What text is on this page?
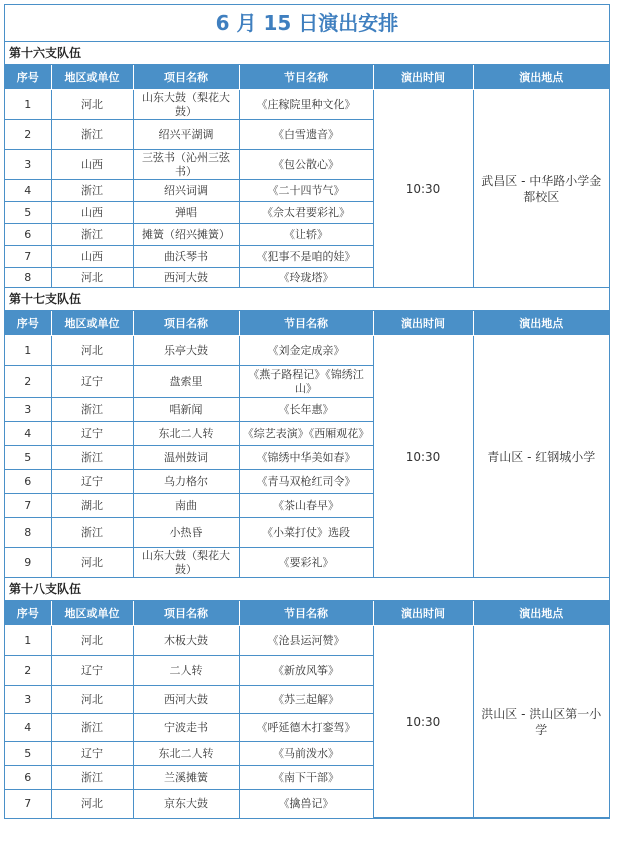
6 月 15 日演出安排
第十六支队伍
序号	地区或单位	项目名称	节目名称	演出时间	演出地点
1	河北	山东大鼓（梨花大鼓）	《庄稼院里种文化》	10:30	武昌区 - 中华路小学金都校区
2	浙江	绍兴平湖调	《白雪遗音》		
3	山西	三弦书（沁州三弦书）	《包公散心》		
4	浙江	绍兴词调	《二十四节气》		
5	山西	弹唱	《佘太君要彩礼》		
6	浙江	摊簧（绍兴摊簧）	《让轿》		
7	山西	曲沃琴书	《犯事不是咱的娃》		
8	河北	西河大鼓	《玲珑塔》		
第十七支队伍
序号	地区或单位	项目名称	节目名称	演出时间	演出地点
1	河北	乐亭大鼓	《刘金定成亲》	10:30	青山区 - 红钢城小学
2	辽宁	盘索里	《燕子路程记》《锦绣江山》		
3	浙江	唱新闻	《长年惠》		
4	辽宁	东北二人转	《综艺表演》《西厢观花》		
5	浙江	温州鼓词	《锦绣中华美如春》		
6	辽宁	乌力格尔	《青马双枪红司令》		
7	湖北	南曲	《茶山春早》		
8	浙江	小热昏	《小菜打仗》选段		
9	河北	山东大鼓（梨花大鼓）	《要彩礼》		
第十八支队伍
序号	地区或单位	项目名称	节目名称	演出时间	演出地点
1	河北	木板大鼓	《沧县运河赞》	10:30	洪山区 - 洪山区第一小学
2	辽宁	二人转	《新放风筝》		
3	河北	西河大鼓	《苏三起解》		
4	浙江	宁波走书	《呼延德木打銮驾》		
5	辽宁	东北二人转	《马前泼水》		
6	浙江	兰溪摊簧	《南下干部》		
7	河北	京东大鼓	《擒兽记》		
